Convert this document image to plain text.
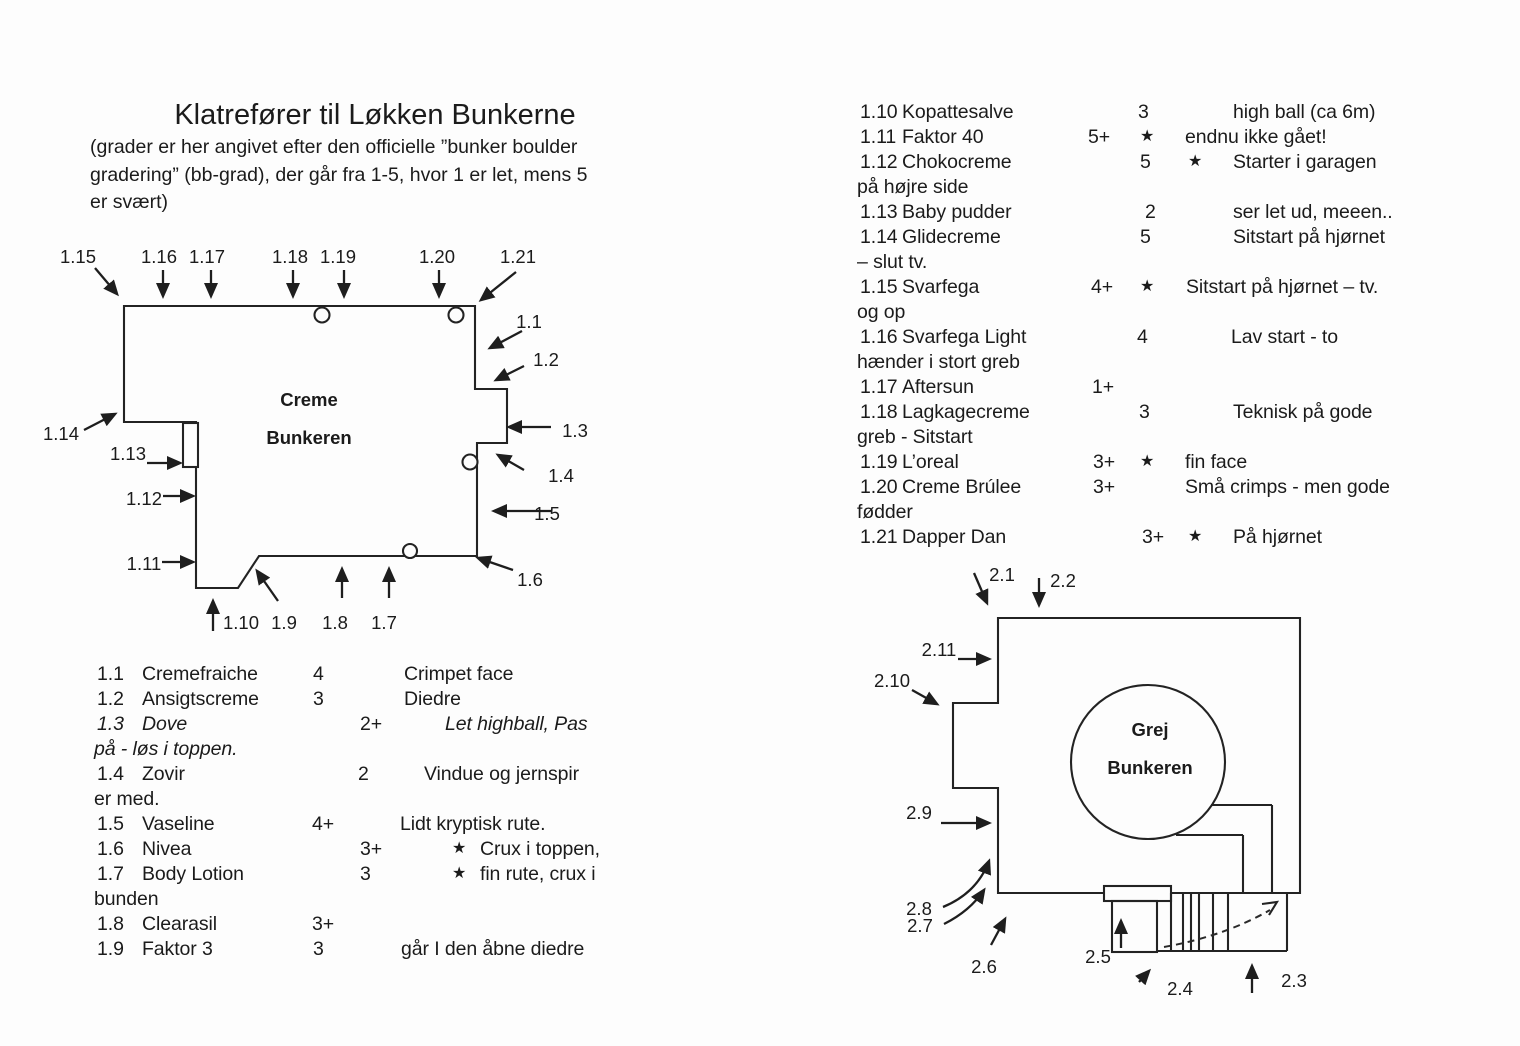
Creme
Bunkeren
1.1
1.2
1.3
1.4
1.5
1.6
1.7
1.8
1.9
1.10
1.11
1.12
1.13
1.14
1.15 1.16 1.17	1.18 1.19	1.20 1.21
Grej
Bunkeren
2.1 2.2
2.3
2.4
2.5
2.6
2.7
2.8
2.9
2.10
2.11
Klatrefører til Løkken Bunkerne
(grader er her angivet efter den officielle ”bunker boulder
gradering” (bb-grad), der går fra 1-5, hvor 1 er let, mens 5
er svært)
1.1 Cremefraiche	4	Crimpet face
1.2 Ansigtscreme	3	Diedre
1.3 Dove	2+	Let highball, Pas
på - løs i toppen.
1.4 Zovir	2	Vindue og jernspir
er med.
1.5 Vaseline	4+	Lidt kryptisk rute.
1.6 Nivea	3+	★ Crux i toppen,
1.7 Body Lotion	3	★ fin rute, crux i
bunden
1.8 Clearasil	3+
1.9 Faktor 3	3	går I den åbne diedre
1.10 Kopattesalve	3	high ball (ca 6m)
1.11 Faktor 40	5+ ★ endnu ikke gået!
1.12 Chokocreme	5 ★ Starter i garagen
på højre side
1.13 Baby pudder	2	ser let ud, meeen..
1.14 Glidecreme	5	Sitstart på hjørnet
– slut tv.
1.15 Svarfega	4+ ★ Sitstart på hjørnet – tv.
og op
1.16 Svarfega Light	4	Lav start - to
hænder i stort greb
1.17 Aftersun	1+
1.18 Lagkagecreme	3	Teknisk på gode
greb - Sitstart
1.19 L’oreal	3+ ★ fin face
1.20 Creme Brúlee	3+	Små crimps - men gode
fødder
1.21 Dapper Dan	3+ ★ På hjørnet
